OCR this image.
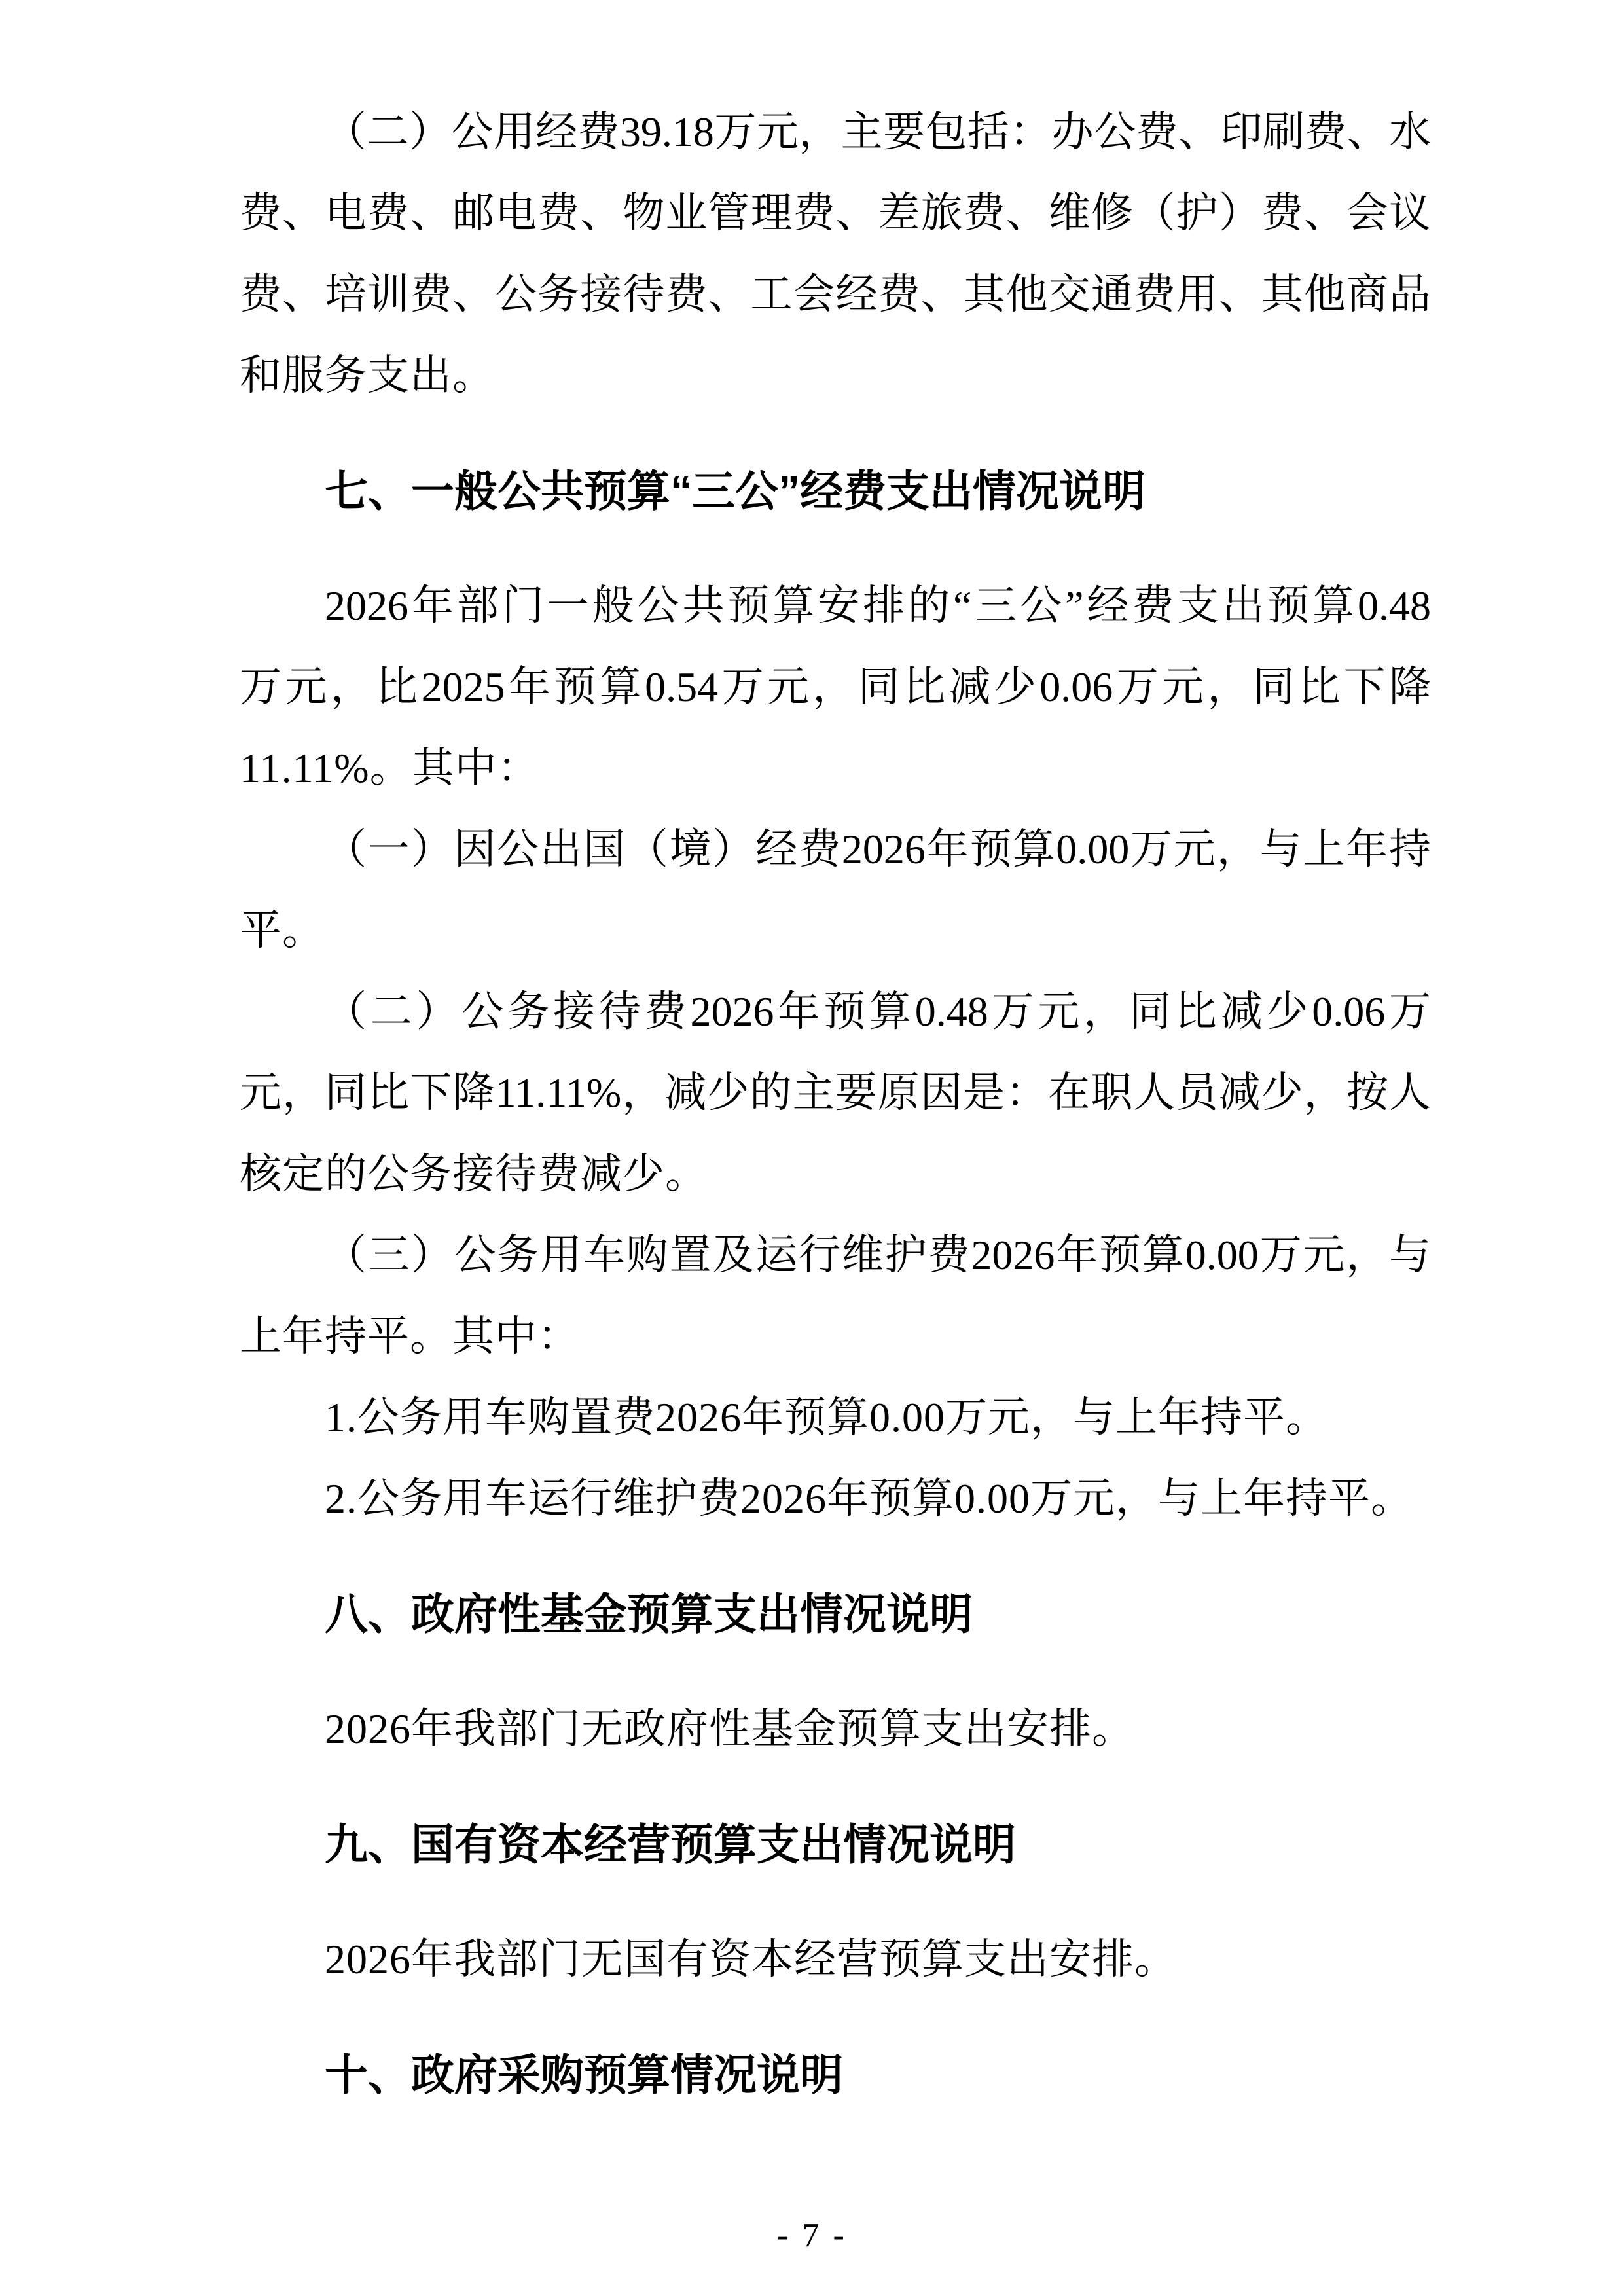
（二）公用经费39.18万元，主要包括：办公费、印刷费、水
费、电费、邮电费、物业管理费、差旅费、维修（护）费、会议
费、培训费、公务接待费、工会经费、其他交通费用、其他商品
和服务支出。
七、一般公共预算“三公”经费支出情况说明
2026年部门一般公共预算安排的“三公”经费支出预算0.48
万元，比2025年预算0.54万元，同比减少0.06万元，同比下降
11.11%。其中：
（一）因公出国（境）经费2026年预算0.00万元，与上年持
平。
（二）公务接待费2026年预算0.48万元，同比减少0.06万
元，同比下降11.11%，减少的主要原因是：在职人员减少，按人
核定的公务接待费减少。
（三）公务用车购置及运行维护费2026年预算0.00万元，与
上年持平。其中：
1.公务用车购置费2026年预算0.00万元，与上年持平。
2.公务用车运行维护费2026年预算0.00万元，与上年持平。
八、政府性基金预算支出情况说明
2026年我部门无政府性基金预算支出安排。
九、国有资本经营预算支出情况说明
2026年我部门无国有资本经营预算支出安排。
十、政府采购预算情况说明
- 7 -
